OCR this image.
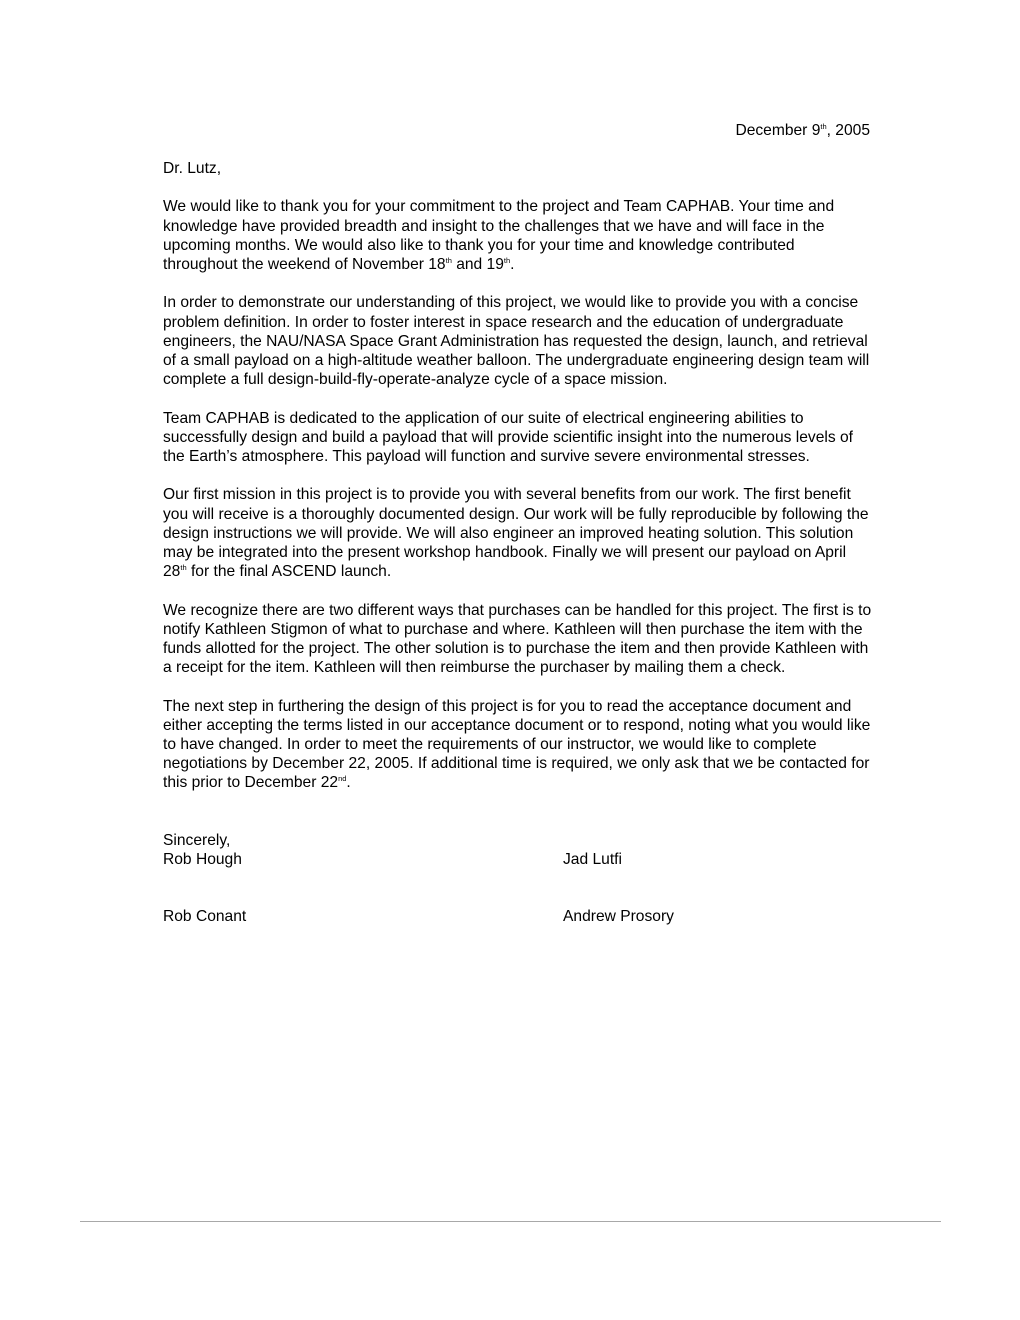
December 9th, 2005

Dr. Lutz,

We would like to thank you for your commitment to the project and Team CAPHAB. Your time and knowledge have provided breadth and insight to the challenges that we have and will face in the upcoming months. We would also like to thank you for your time and knowledge contributed throughout the weekend of November 18th and 19th.

In order to demonstrate our understanding of this project, we would like to provide you with a concise problem definition. In order to foster interest in space research and the education of undergraduate engineers, the NAU/NASA Space Grant Administration has requested the design, launch, and retrieval of a small payload on a high-altitude weather balloon. The undergraduate engineering design team will complete a full design-build-fly-operate-analyze cycle of a space mission.

Team CAPHAB is dedicated to the application of our suite of electrical engineering abilities to successfully design and build a payload that will provide scientific insight into the numerous levels of the Earth’s atmosphere. This payload will function and survive severe environmental stresses.

Our first mission in this project is to provide you with several benefits from our work. The first benefit you will receive is a thoroughly documented design. Our work will be fully reproducible by following the design instructions we will provide. We will also engineer an improved heating solution. This solution may be integrated into the present workshop handbook. Finally we will present our payload on April 28th for the final ASCEND launch.

We recognize there are two different ways that purchases can be handled for this project. The first is to notify Kathleen Stigmon of what to purchase and where. Kathleen will then purchase the item with the funds allotted for the project. The other solution is to purchase the item and then provide Kathleen with a receipt for the item. Kathleen will then reimburse the purchaser by mailing them a check.

The next step in furthering the design of this project is for you to read the acceptance document and either accepting the terms listed in our acceptance document or to respond, noting what you would like to have changed. In order to meet the requirements of our instructor, we would like to complete negotiations by December 22, 2005. If additional time is required, we only ask that we be contacted for this prior to December 22nd.

Sincerely,
Rob Hough	Jad Lutfi
Rob Conant	Andrew Prosory
